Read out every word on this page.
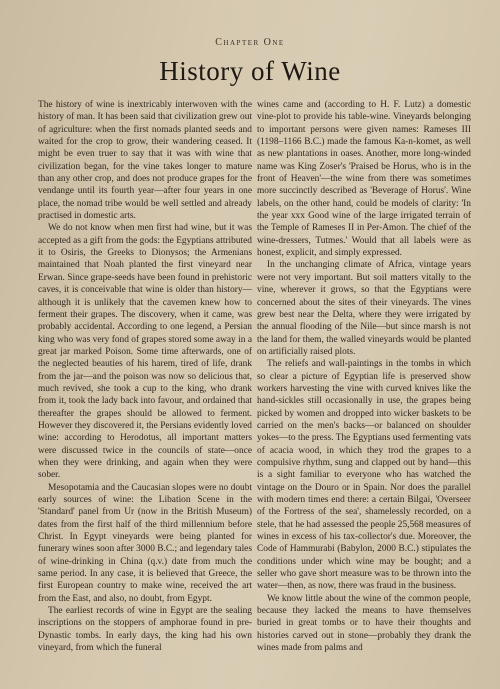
Chapter One
History of Wine

The history of wine is inextricably interwoven with the history of man. It has been said that civilization grew out of agriculture: when the first nomads planted seeds and waited for the crop to grow, their wandering ceased. It might be even truer to say that it was with wine that civilization began, for the vine takes longer to mature than any other crop, and does not produce grapes for the vendange until its fourth year—after four years in one place, the nomad tribe would be well settled and already practised in domestic arts.

We do not know when men first had wine, but it was accepted as a gift from the gods: the Egyptians attributed it to Osiris, the Greeks to Dionysos; the Armenians maintained that Noah planted the first vineyard near Erwan. Since grape-seeds have been found in prehistoric caves, it is conceivable that wine is older than history—although it is unlikely that the cavemen knew how to ferment their grapes. The discovery, when it came, was probably accidental. According to one legend, a Persian king who was very fond of grapes stored some away in a great jar marked Poison. Some time afterwards, one of the neglected beauties of his harem, tired of life, drank from the jar—and the poison was now so delicious that, much revived, she took a cup to the king, who drank from it, took the lady back into favour, and ordained that thereafter the grapes should be allowed to ferment. However they discovered it, the Persians evidently loved wine: according to Herodotus, all important matters were discussed twice in the councils of state—once when they were drinking, and again when they were sober.

Mesopotamia and the Caucasian slopes were no doubt early sources of wine: the Libation Scene in the 'Standard' panel from Ur (now in the British Museum) dates from the first half of the third millennium before Christ. In Egypt vineyards were being planted for funerary wines soon after 3000 B.C.; and legendary tales of wine-drinking in China (q.v.) date from much the same period. In any case, it is believed that Greece, the first European country to make wine, received the art from the East, and also, no doubt, from Egypt.

The earliest records of wine in Egypt are the sealing inscriptions on the stoppers of amphorae found in pre-Dynastic tombs. In early days, the king had his own vineyard, from which the funeral

wines came and (according to H. F. Lutz) a domestic vine-plot to provide his table-wine. Vineyards belonging to important persons were given names: Rameses III (1198–1166 B.C.) made the famous Ka-n-komet, as well as new plantations in oases. Another, more long-winded name was King Zoser's 'Praised be Horus, who is in the front of Heaven'—the wine from there was sometimes more succinctly described as 'Beverage of Horus'. Wine labels, on the other hand, could be models of clarity: 'In the year xxx Good wine of the large irrigated terrain of the Temple of Rameses II in Per-Amon. The chief of the wine-dressers, Tutmes.' Would that all labels were as honest, explicit, and simply expressed.

In the unchanging climate of Africa, vintage years were not very important. But soil matters vitally to the vine, wherever it grows, so that the Egyptians were concerned about the sites of their vineyards. The vines grew best near the Delta, where they were irrigated by the annual flooding of the Nile—but since marsh is not the land for them, the walled vineyards would be planted on artificially raised plots.

The reliefs and wall-paintings in the tombs in which so clear a picture of Egyptian life is preserved show workers harvesting the vine with curved knives like the hand-sickles still occasionally in use, the grapes being picked by women and dropped into wicker baskets to be carried on the men's backs—or balanced on shoulder yokes—to the press. The Egyptians used fermenting vats of acacia wood, in which they trod the grapes to a compulsive rhythm, sung and clapped out by hand—this is a sight familiar to everyone who has watched the vintage on the Douro or in Spain. Nor does the parallel with modern times end there: a certain Bilgai, 'Overseer of the Fortress of the sea', shamelessly recorded, on a stele, that he had assessed the people 25,568 measures of wines in excess of his tax-collector's due. Moreover, the Code of Hammurabi (Babylon, 2000 B.C.) stipulates the conditions under which wine may be bought; and a seller who gave short measure was to be thrown into the water—then, as now, there was fraud in the business.

We know little about the wine of the common people, because they lacked the means to have themselves buried in great tombs or to have their thoughts and histories carved out in stone—probably they drank the wines made from palms and
